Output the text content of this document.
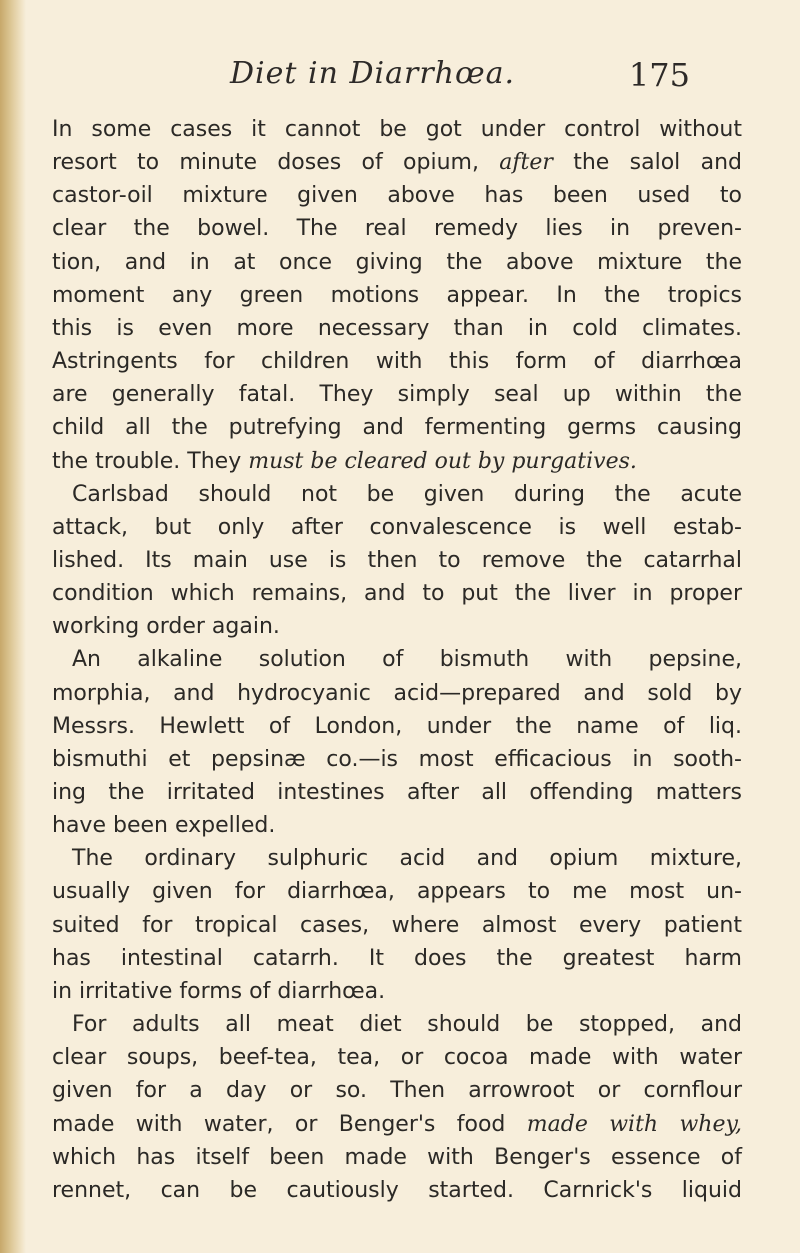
Diet in Diarrhœa.	175
In some cases it cannot be got under control without
resort to minute doses of opium, after the salol and
castor-oil mixture given above has been used to
clear the bowel. The real remedy lies in preven-
tion, and in at once giving the above mixture the
moment any green motions appear. In the tropics
this is even more necessary than in cold climates.
Astringents for children with this form of diarrhœa
are generally fatal. They simply seal up within the
child all the putrefying and fermenting germs causing
the trouble. They must be cleared out by purgatives.
Carlsbad should not be given during the acute
attack, but only after convalescence is well estab-
lished. Its main use is then to remove the catarrhal
condition which remains, and to put the liver in proper
working order again.
An alkaline solution of bismuth with pepsine,
morphia, and hydrocyanic acid—prepared and sold by
Messrs. Hewlett of London, under the name of liq.
bismuthi et pepsinæ co.—is most efficacious in sooth-
ing the irritated intestines after all offending matters
have been expelled.
The ordinary sulphuric acid and opium mixture,
usually given for diarrhœa, appears to me most un-
suited for tropical cases, where almost every patient
has intestinal catarrh. It does the greatest harm
in irritative forms of diarrhœa.
For adults all meat diet should be stopped, and
clear soups, beef-tea, tea, or cocoa made with water
given for a day or so. Then arrowroot or cornflour
made with water, or Benger's food made with whey,
which has itself been made with Benger's essence of
rennet, can be cautiously started. Carnrick's liquid
